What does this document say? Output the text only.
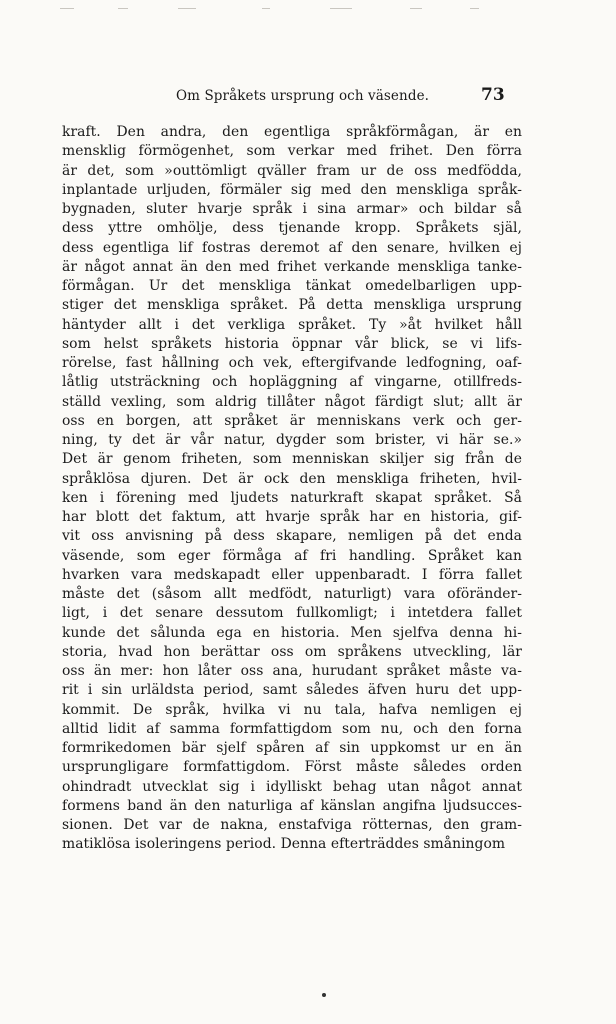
Om Språkets ursprung och väsende.	73
kraft. Den andra, den egentliga språkförmågan, är en
mensklig förmögenhet, som verkar med frihet. Den förra
är det, som »outtömligt qväller fram ur de oss medfödda,
inplantade urljuden, förmäler sig med den menskliga språk-
bygnaden, sluter hvarje språk i sina armar» och bildar så
dess yttre omhölje, dess tjenande kropp. Språkets själ,
dess egentliga lif fostras deremot af den senare, hvilken ej
är något annat än den med frihet verkande menskliga tanke-
förmågan. Ur det menskliga tänkat omedelbarligen upp-
stiger det menskliga språket. På detta menskliga ursprung
häntyder allt i det verkliga språket. Ty »åt hvilket håll
som helst språkets historia öppnar vår blick, se vi lifs-
rörelse, fast hållning och vek, eftergifvande ledfogning, oaf-
låtlig utsträckning och hopläggning af vingarne, otillfreds-
ställd vexling, som aldrig tillåter något färdigt slut; allt är
oss en borgen, att språket är menniskans verk och ger-
ning, ty det är vår natur, dygder som brister, vi här se.»
Det är genom friheten, som menniskan skiljer sig från de
språklösa djuren. Det är ock den menskliga friheten, hvil-
ken i förening med ljudets naturkraft skapat språket. Så
har blott det faktum, att hvarje språk har en historia, gif-
vit oss anvisning på dess skapare, nemligen på det enda
väsende, som eger förmåga af fri handling. Språket kan
hvarken vara medskapadt eller uppenbaradt. I förra fallet
måste det (såsom allt medfödt, naturligt) vara oföränder-
ligt, i det senare dessutom fullkomligt; i intetdera fallet
kunde det sålunda ega en historia. Men sjelfva denna hi-
storia, hvad hon berättar oss om språkens utveckling, lär
oss än mer: hon låter oss ana, hurudant språket måste va-
rit i sin urläldsta period, samt således äfven huru det upp-
kommit. De språk, hvilka vi nu tala, hafva nemligen ej
alltid lidit af samma formfattigdom som nu, och den forna
formrikedomen bär sjelf spåren af sin uppkomst ur en än
ursprungligare formfattigdom. Först måste således orden
ohindradt utvecklat sig i idylliskt behag utan något annat
formens band än den naturliga af känslan angifna ljudsucces-
sionen. Det var de nakna, enstafviga rötternas, den gram-
matiklösa isoleringens period. Denna efterträddes småningom
